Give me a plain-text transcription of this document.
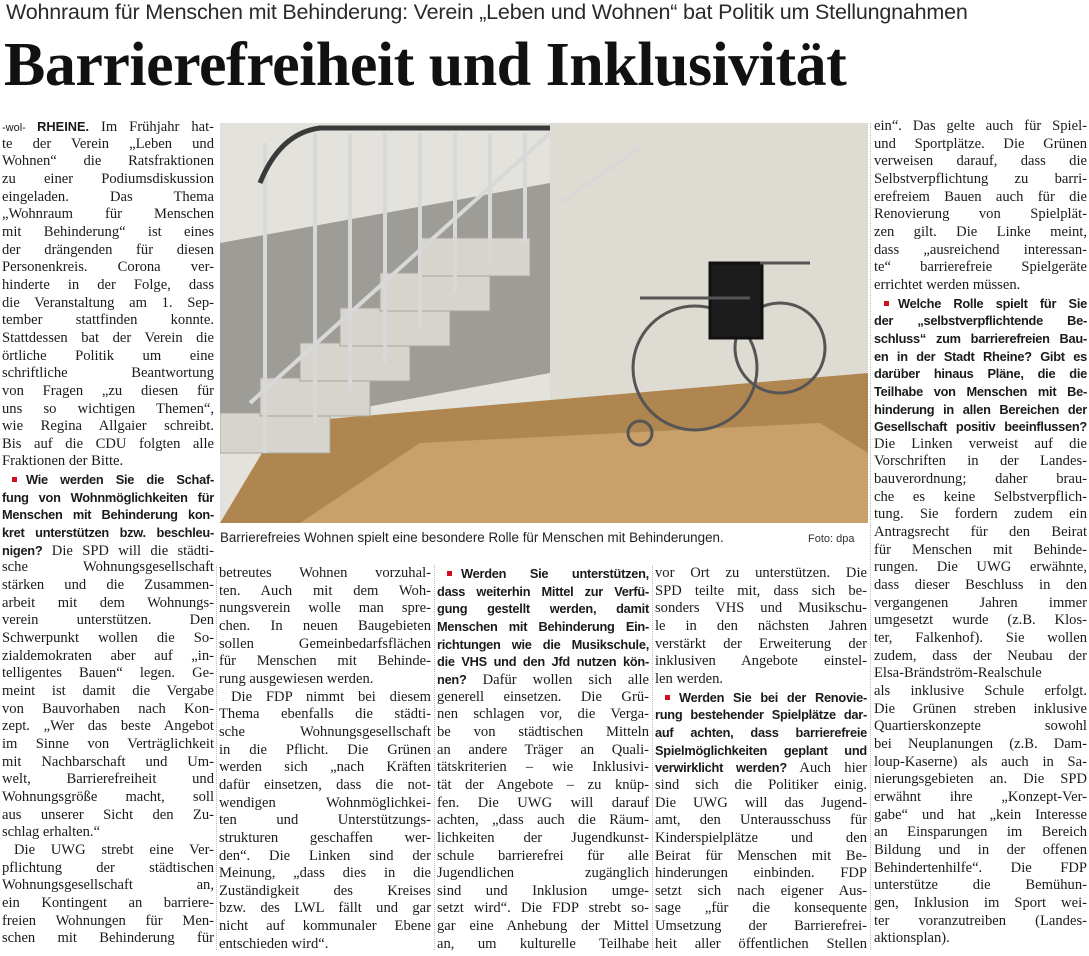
Wohnraum für Menschen mit Behinderung: Verein „Leben und Wohnen“ bat Politik um Stellungnahmen
Barrierefreiheit und Inklusivität
Barrierefreies Wohnen spielt eine besondere Rolle für Menschen mit Behinderungen.	Foto: dpa
-wol- RHEINE. Im Frühjahr hat-
te der Verein „Leben und
Wohnen“ die Ratsfraktionen
zu einer Podiumsdiskussion
eingeladen. Das Thema
„Wohnraum für Menschen
mit Behinderung“ ist eines
der drängenden für diesen
Personenkreis. Corona ver-
hinderte in der Folge, dass
die Veranstaltung am 1. Sep-
tember stattfinden konnte.
Stattdessen bat der Verein die
örtliche Politik um eine
schriftliche Beantwortung
von Fragen „zu diesen für
uns so wichtigen Themen“,
wie Regina Allgaier schreibt.
Bis auf die CDU folgten alle
Fraktionen der Bitte.
Wie werden Sie die Schaf-
fung von Wohnmöglichkeiten für
Menschen mit Behinderung kon-
kret unterstützen bzw. beschleu-
nigen? Die SPD will die städti-
sche Wohnungsgesellschaft
stärken und die Zusammen-
arbeit mit dem Wohnungs-
verein unterstützen. Den
Schwerpunkt wollen die So-
zialdemokraten aber auf „in-
telligentes Bauen“ legen. Ge-
meint ist damit die Vergabe
von Bauvorhaben nach Kon-
zept. „Wer das beste Angebot
im Sinne von Verträglichkeit
mit Nachbarschaft und Um-
welt, Barrierefreiheit und
Wohnungsgröße macht, soll
aus unserer Sicht den Zu-
schlag erhalten.“
Die UWG strebt eine Ver-
pflichtung der städtischen
Wohnungsgesellschaft an,
ein Kontingent an barriere-
freien Wohnungen für Men-
schen mit Behinderung für
betreutes Wohnen vorzuhal-
ten. Auch mit dem Woh-
nungsverein wolle man spre-
chen. In neuen Baugebieten
sollen Gemeinbedarfsflächen
für Menschen mit Behinde-
rung ausgewiesen werden.
Die FDP nimmt bei diesem
Thema ebenfalls die städti-
sche Wohnungsgesellschaft
in die Pflicht. Die Grünen
werden sich „nach Kräften
dafür einsetzen, dass die not-
wendigen Wohnmöglichkei-
ten und Unterstützungs-
strukturen geschaffen wer-
den“. Die Linken sind der
Meinung, „dass dies in die
Zuständigkeit des Kreises
bzw. des LWL fällt und gar
nicht auf kommunaler Ebene
entschieden wird“.
Werden Sie unterstützen,
dass weiterhin Mittel zur Verfü-
gung gestellt werden, damit
Menschen mit Behinderung Ein-
richtungen wie die Musikschule,
die VHS und den Jfd nutzen kön-
nen? Dafür wollen sich alle
generell einsetzen. Die Grü-
nen schlagen vor, die Verga-
be von städtischen Mitteln
an andere Träger an Quali-
tätskriterien – wie Inklusivi-
tät der Angebote – zu knüp-
fen. Die UWG will darauf
achten, „dass auch die Räum-
lichkeiten der Jugendkunst-
schule barrierefrei für alle
Jugendlichen zugänglich
sind und Inklusion umge-
setzt wird“. Die FDP strebt so-
gar eine Anhebung der Mittel
an, um kulturelle Teilhabe
vor Ort zu unterstützen. Die
SPD teilte mit, dass sich be-
sonders VHS und Musikschu-
le in den nächsten Jahren
verstärkt der Erweiterung der
inklusiven Angebote einstel-
len werden.
Werden Sie bei der Renovie-
rung bestehender Spielplätze dar-
auf achten, dass barrierefreie
Spielmöglichkeiten geplant und
verwirklicht werden? Auch hier
sind sich die Politiker einig.
Die UWG will das Jugend-
amt, den Unterausschuss für
Kinderspielplätze und den
Beirat für Menschen mit Be-
hinderungen einbinden. FDP
setzt sich nach eigener Aus-
sage „für die konsequente
Umsetzung der Barrierefrei-
heit aller öffentlichen Stellen
ein“. Das gelte auch für Spiel-
und Sportplätze. Die Grünen
verweisen darauf, dass die
Selbstverpflichtung zu barri-
erefreiem Bauen auch für die
Renovierung von Spielplät-
zen gilt. Die Linke meint,
dass „ausreichend interessan-
te“ barrierefreie Spielgeräte
errichtet werden müssen.
Welche Rolle spielt für Sie
der „selbstverpflichtende Be-
schluss“ zum barrierefreien Bau-
en in der Stadt Rheine? Gibt es
darüber hinaus Pläne, die die
Teilhabe von Menschen mit Be-
hinderung in allen Bereichen der
Gesellschaft positiv beeinflussen?
Die Linken verweist auf die
Vorschriften in der Landes-
bauverordnung; daher brau-
che es keine Selbstverpflich-
tung. Sie fordern zudem ein
Antragsrecht für den Beirat
für Menschen mit Behinde-
rungen. Die UWG erwähnte,
dass dieser Beschluss in den
vergangenen Jahren immer
umgesetzt wurde (z.B. Klos-
ter, Falkenhof). Sie wollen
zudem, dass der Neubau der
Elsa-Brändström-Realschule
als inklusive Schule erfolgt.
Die Grünen streben inklusive
Quartierskonzepte sowohl
bei Neuplanungen (z.B. Dam-
loup-Kaserne) als auch in Sa-
nierungsgebieten an. Die SPD
erwähnt ihre „Konzept-Ver-
gabe“ und hat „kein Interesse
an Einsparungen im Bereich
Bildung und in der offenen
Behindertenhilfe“. Die FDP
unterstütze die Bemühun-
gen, Inklusion im Sport wei-
ter voranzutreiben (Landes-
aktionsplan).
